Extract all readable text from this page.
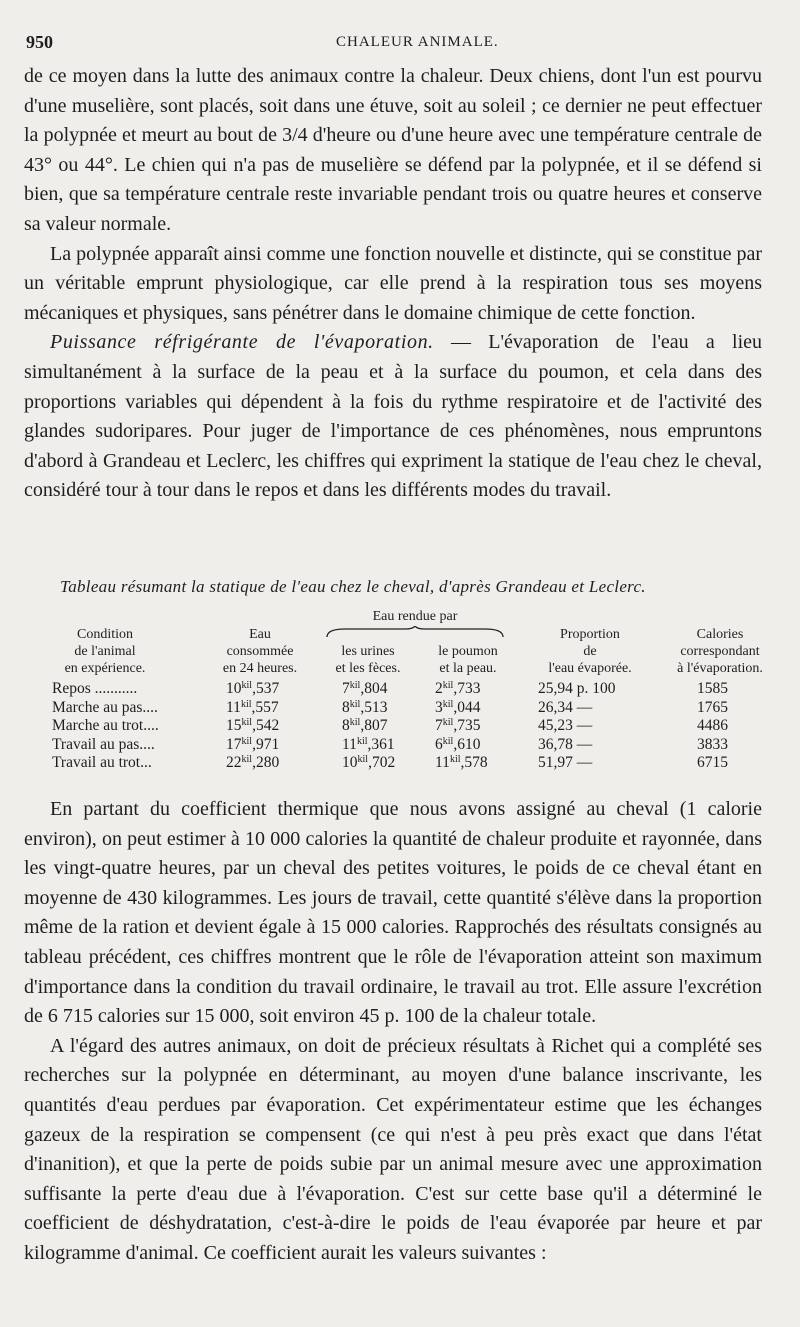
950	CHALEUR ANIMALE.

de ce moyen dans la lutte des animaux contre la chaleur. Deux chiens, dont l'un est pourvu d'une muselière, sont placés, soit dans une étuve, soit au soleil ; ce dernier ne peut effectuer la polypnée et meurt au bout de 3/4 d'heure ou d'une heure avec une température centrale de 43° ou 44°. Le chien qui n'a pas de muselière se défend par la polypnée, et il se défend si bien, que sa température centrale reste invariable pendant trois ou quatre heures et conserve sa valeur normale.

La polypnée apparaît ainsi comme une fonction nouvelle et distincte, qui se constitue par un véritable emprunt physiologique, car elle prend à la respiration tous ses moyens mécaniques et physiques, sans pénétrer dans le domaine chimique de cette fonction.

Puissance réfrigérante de l'évaporation. — L'évaporation de l'eau a lieu simultanément à la surface de la peau et à la surface du poumon, et cela dans des proportions variables qui dépendent à la fois du rythme respiratoire et de l'activité des glandes sudoripares. Pour juger de l'importance de ces phénomènes, nous empruntons d'abord à Grandeau et Leclerc, les chiffres qui expriment la statique de l'eau chez le cheval, considéré tour à tour dans le repos et dans les différents modes du travail.

Tableau résumant la statique de l'eau chez le cheval, d'après Grandeau et Leclerc.
Eau rendue par
Condition
de l'animal
en expérience.
Eau
consommée
en 24 heures.
les urines
et les fèces.
le poumon
et la peau.
Proportion
de
l'eau évaporée.
Calories
correspondant
à l'évaporation.
Repos ...........	$10^{kil},537$	$7^{kil},804$	$2^{kil},733$	25,94 p. 100	1585
Marche au pas....	$11^{kil},557$	$8^{kil},513$	$3^{kil},044$	26,34 —	1765
Marche au trot....	$15^{kil},542$	$8^{kil},807$	$7^{kil},735$	45,23 —	4486
Travail au pas....	$17^{kil},971$	$11^{kil},361$	$6^{kil},610$	36,78 —	3833
Travail au trot...	$22^{kil},280$	$10^{kil},702$	$11^{kil},578$	51,97 —	6715

En partant du coefficient thermique que nous avons assigné au cheval (1 calorie environ), on peut estimer à 10 000 calories la quantité de chaleur produite et rayonnée, dans les vingt-quatre heures, par un cheval des petites voitures, le poids de ce cheval étant en moyenne de 430 kilogrammes. Les jours de travail, cette quantité s'élève dans la proportion même de la ration et devient égale à 15 000 calories. Rapprochés des résultats consignés au tableau précédent, ces chiffres montrent que le rôle de l'évaporation atteint son maximum d'importance dans la condition du travail ordinaire, le travail au trot. Elle assure l'excrétion de 6 715 calories sur 15 000, soit environ 45 p. 100 de la chaleur totale.

A l'égard des autres animaux, on doit de précieux résultats à Richet qui a complété ses recherches sur la polypnée en déterminant, au moyen d'une balance inscrivante, les quantités d'eau perdues par évaporation. Cet expérimentateur estime que les échanges gazeux de la respiration se compensent (ce qui n'est à peu près exact que dans l'état d'inanition), et que la perte de poids subie par un animal mesure avec une approximation suffisante la perte d'eau due à l'évaporation. C'est sur cette base qu'il a déterminé le coefficient de déshydratation, c'est-à-dire le poids de l'eau évaporée par heure et par kilogramme d'animal. Ce coefficient aurait les valeurs suivantes :
